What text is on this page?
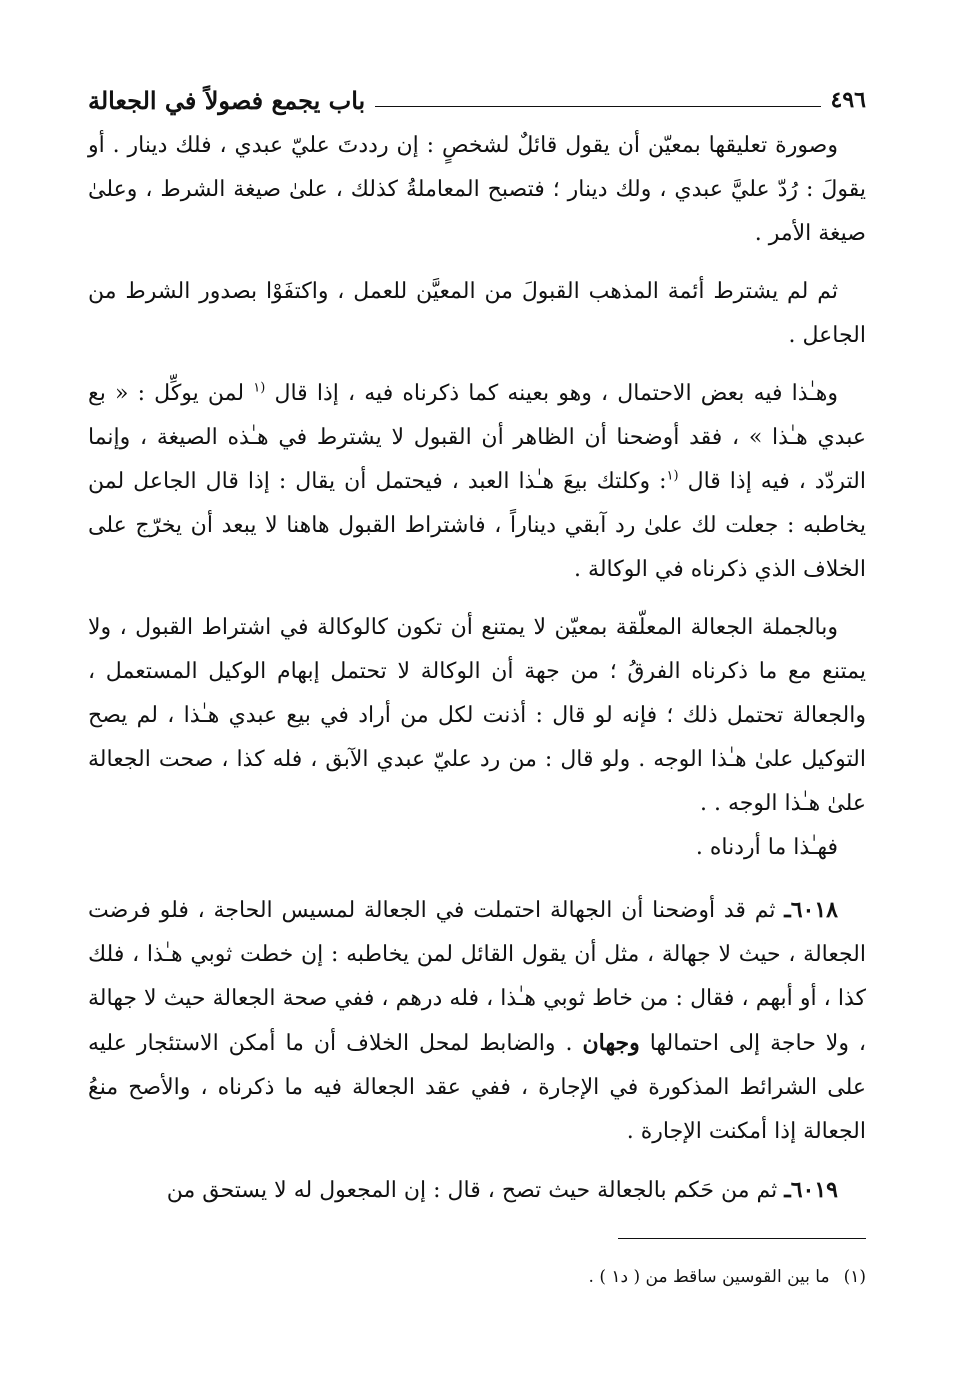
٤٩٦
باب يجمع فصولاً في الجعالة

وصورة تعليقها بمعيّن أن يقول قائلٌ لشخصٍ : إن رددتَ عليّ عبدي ، فلك دينار . أو يقولَ : رُدّ عليَّ عبدي ، ولك دينار ؛ فتصبح المعاملةُ كذلك ، علىٰ صيغة الشرط ، وعلىٰ صيغة الأمر .

ثم لم يشترط أئمة المذهب القبولَ من المعيَّن للعمل ، واكتفَوْا بصدور الشرط من الجاعل .

وهـٰذا فيه بعض الاحتمال ، وهو بعينه كما ذكرناه فيه ، إذا قال $^{(١}$ لمن يوكِّل : « بع عبدي هـٰذا » ، فقد أوضحنا أن الظاهر أن القبول لا يشترط في هـٰذه الصيغة ، وإنما التردّد ، فيه إذا قال $^{(١}$: وكلتك بيعَ هـٰذا العبد ، فيحتمل أن يقال : إذا قال الجاعل لمن يخاطبه : جعلت لك علىٰ رد آبقي ديناراً ، فاشتراط القبول هاهنا لا يبعد أن يخرّج على الخلاف الذي ذكرناه في الوكالة .

وبالجملة الجعالة المعلّقة بمعيّن لا يمتنع أن تكون كالوكالة في اشتراط القبول ، ولا يمتنع مع ما ذكرناه الفرقُ ؛ من جهة أن الوكالة لا تحتمل إبهام الوكيل المستعمل ، والجعالة تحتمل ذلك ؛ فإنه لو قال : أذنت لكل من أراد في بيع عبدي هـٰذا ، لم يصح التوكيل علىٰ هـٰذا الوجه . ولو قال : من رد عليّ عبدي الآبق ، فله كذا ، صحت الجعالة علىٰ هـٰذا الوجه . .

فهـٰذا ما أردناه .

٦٠١٨ـ ثم قد أوضحنا أن الجهالة احتملت في الجعالة لمسيس الحاجة ، فلو فرضت الجعالة ، حيث لا جهالة ، مثل أن يقول القائل لمن يخاطبه : إن خطت ثوبي هـٰذا ، فلك كذا ، أو أبهم ، فقال : من خاط ثوبي هـٰذا ، فله درهم ، ففي صحة الجعالة حيث لا جهالة ، ولا حاجة إلى احتمالها وجهان . والضابط لمحل الخلاف أن ما أمكن الاستئجار عليه على الشرائط المذكورة في الإجارة ، ففي عقد الجعالة فيه ما ذكرناه ، والأصح منعُ الجعالة إذا أمكنت الإجارة .

٦٠١٩ـ ثم من حَكم بالجعالة حيث تصح ، قال : إن المجعول له لا يستحق من

(١)ما بين القوسين ساقط من ( د١ ) .
